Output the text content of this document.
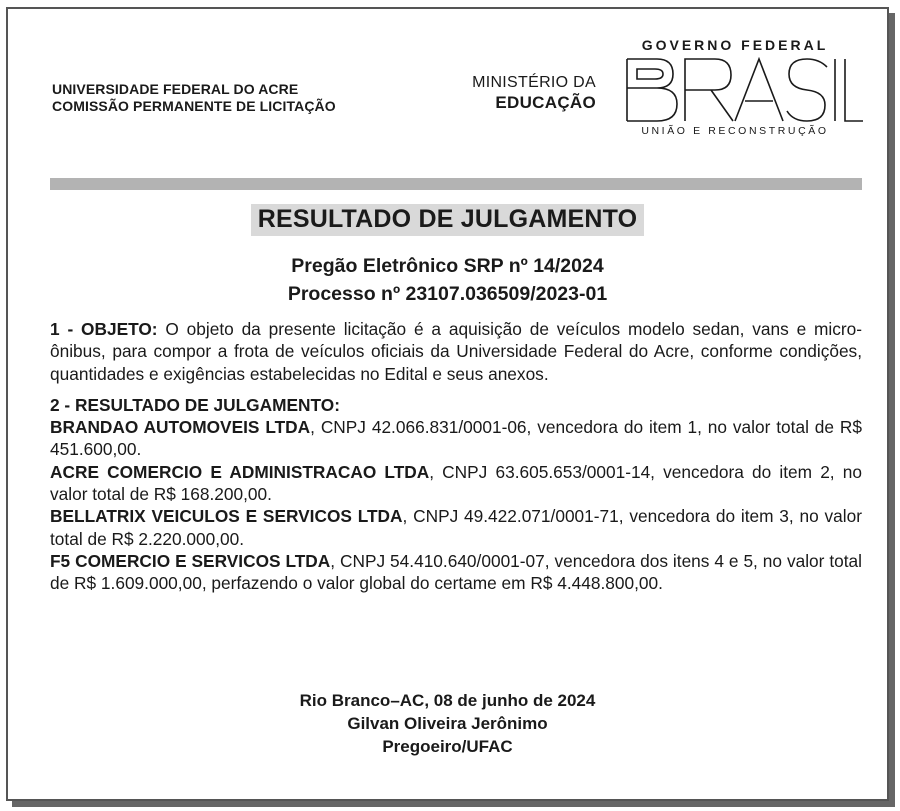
UNIVERSIDADE FEDERAL DO ACRE
COMISSÃO PERMANENTE DE LICITAÇÃO
MINISTÉRIO DA
EDUCAÇÃO
GOVERNO FEDERAL
UNIÃO E RECONSTRUÇÃO
RESULTADO DE JULGAMENTO
Pregão Eletrônico SRP nº 14/2024
Processo nº 23107.036509/2023-01

1 - OBJETO: O objeto da presente licitação é a aquisição de veículos modelo sedan, vans e micro-ônibus, para compor a frota de veículos oficiais da Universidade Federal do Acre, conforme condições, quantidades e exigências estabelecidas no Edital e seus anexos.

2 - RESULTADO DE JULGAMENTO:

BRANDAO AUTOMOVEIS LTDA, CNPJ 42.066.831/0001-06, vencedora do item 1, no valor total de R$ 451.600,00.

ACRE COMERCIO E ADMINISTRACAO LTDA, CNPJ 63.605.653/0001-14, vencedora do item 2, no valor total de R$ 168.200,00.

BELLATRIX VEICULOS E SERVICOS LTDA, CNPJ 49.422.071/0001-71, vencedora do item 3, no valor total de R$ 2.220.000,00.

F5 COMERCIO E SERVICOS LTDA, CNPJ 54.410.640/0001-07, vencedora dos itens 4 e 5, no valor total de R$ 1.609.000,00, perfazendo o valor global do certame em R$ 4.448.800,00.

Rio Branco–AC, 08 de junho de 2024
Gilvan Oliveira Jerônimo
Pregoeiro/UFAC
